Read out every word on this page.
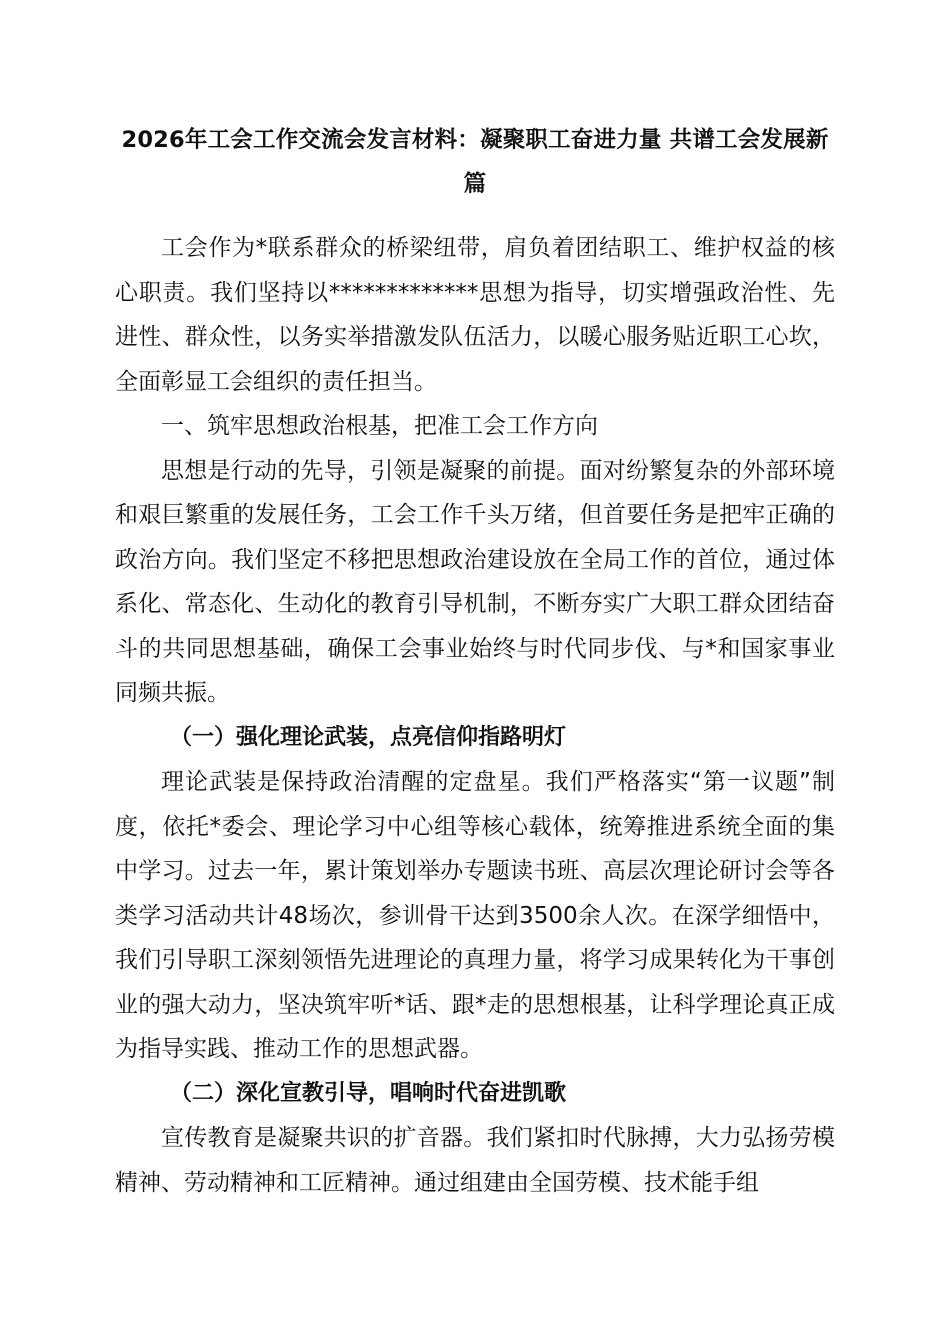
2026年工会工作交流会发言材料：凝聚职工奋进力量 共谱工会发展新篇

工会作为*联系群众的桥梁纽带，肩负着团结职工、维护权益的核心职责。我们坚持以*************思想为指导，切实增强政治性、先进性、群众性，以务实举措激发队伍活力，以暖心服务贴近职工心坎，全面彰显工会组织的责任担当。

一、筑牢思想政治根基，把准工会工作方向

思想是行动的先导，引领是凝聚的前提。面对纷繁复杂的外部环境和艰巨繁重的发展任务，工会工作千头万绪，但首要任务是把牢正确的政治方向。我们坚定不移把思想政治建设放在全局工作的首位，通过体系化、常态化、生动化的教育引导机制，不断夯实广大职工群众团结奋斗的共同思想基础，确保工会事业始终与时代同步伐、与*和国家事业同频共振。

（一）强化理论武装，点亮信仰指路明灯

理论武装是保持政治清醒的定盘星。我们严格落实“第一议题”制度，依托*委会、理论学习中心组等核心载体，统筹推进系统全面的集中学习。过去一年，累计策划举办专题读书班、高层次理论研讨会等各类学习活动共计48场次，参训骨干达到3500余人次。在深学细悟中，我们引导职工深刻领悟先进理论的真理力量，将学习成果转化为干事创业的强大动力，坚决筑牢听*话、跟*走的思想根基，让科学理论真正成为指导实践、推动工作的思想武器。

（二）深化宣教引导，唱响时代奋进凯歌

宣传教育是凝聚共识的扩音器。我们紧扣时代脉搏，大力弘扬劳模精神、劳动精神和工匠精神。通过组建由全国劳模、技术能手组
